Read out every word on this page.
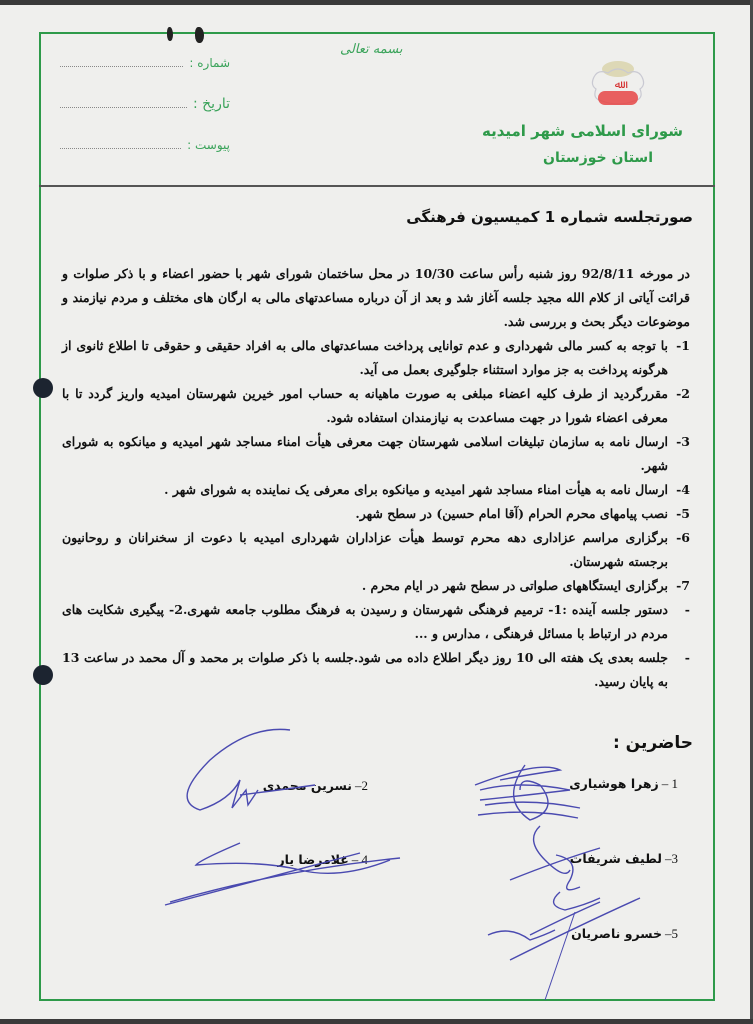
شماره :
تاریخ :
پیوست :
بسمه تعالی
ﷲ
شورای اسلامی شهر امیدیه
استان خوزستان
صورتجلسه شماره 1 کمیسیون فرهنگی

در مورخه 92/8/11 روز شنبه رأس ساعت 10/30 در محل ساختمان شورای شهر با حضور اعضاء و با ذکر صلوات و قرائت آیاتی از کلام الله مجید جلسه آغاز شد و بعد از آن درباره مساعدتهای مالی به ارگان های مختلف و مردم نیازمند و موضوعات دیگر بحث و بررسی شد.

1-
با توجه به کسر مالی شهرداری و عدم توانایی پرداخت مساعدتهای مالی به افراد حقیقی و حقوقی تا اطلاع ثانوی از هرگونه پرداخت به جز موارد استثناء جلوگیری بعمل می آید.
2-
مقررگردید از طرف کلیه اعضاء مبلغی به صورت ماهیانه به حساب امور خیرین شهرستان امیدیه واریز گردد تا با معرفی اعضاء شورا در جهت مساعدت به نیازمندان استفاده شود.
3-
ارسال نامه به سازمان تبلیغات اسلامی شهرستان جهت معرفی هیأت امناء مساجد شهر امیدیه و میانکوه به شورای شهر.
4-
ارسال نامه به هیأت امناء مساجد شهر امیدیه و میانکوه برای معرفی یک نماینده به شورای شهر .
5-
نصب پیامهای محرم الحرام (آقا امام حسین) در سطح شهر.
6-
برگزاری مراسم عزاداری دهه محرم توسط هیأت عزاداران شهرداری امیدیه با دعوت از سخنرانان و روحانیون برجسته شهرستان.
7-
برگزاری ایستگاههای صلواتی در سطح شهر در ایام محرم .
-
دستور جلسه آینده :1- ترمیم فرهنگی شهرستان و رسیدن به فرهنگ مطلوب جامعه شهری.2- پیگیری شکایت های مردم در ارتباط با مسائل فرهنگی ، مدارس و ...
-
جلسه بعدی یک هفته الی 10 روز دیگر اطلاع داده می شود.جلسه با ذکر صلوات بر محمد و آل محمد در ساعت 13 به پایان رسید.
حاضرین :
1 –زهرا هوشیاری
2–نسرین محمدی
3–لطیف شریفات
4 –غلامرضا یار
5–خسرو ناصریان
